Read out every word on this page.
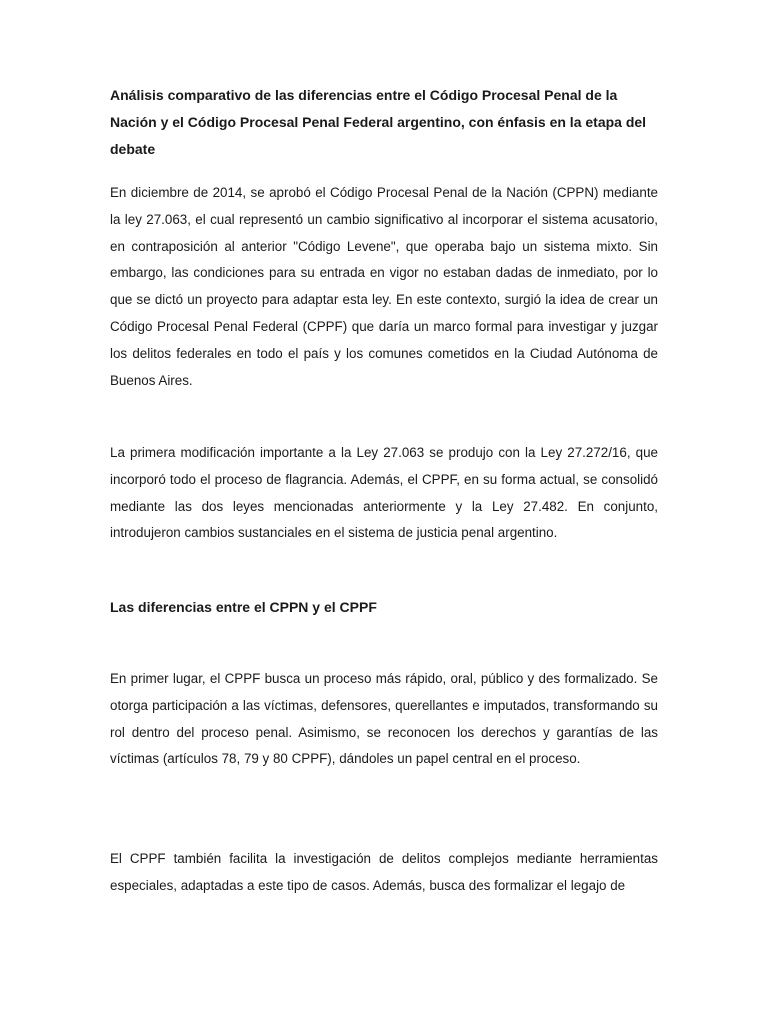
Análisis comparativo de las diferencias entre el Código Procesal Penal de la Nación y el Código Procesal Penal Federal argentino, con énfasis en la etapa del debate

En diciembre de 2014, se aprobó el Código Procesal Penal de la Nación (CPPN) mediante la ley 27.063, el cual representó un cambio significativo al incorporar el sistema acusatorio, en contraposición al anterior "Código Levene", que operaba bajo un sistema mixto. Sin embargo, las condiciones para su entrada en vigor no estaban dadas de inmediato, por lo que se dictó un proyecto para adaptar esta ley. En este contexto, surgió la idea de crear un Código Procesal Penal Federal (CPPF) que daría un marco formal para investigar y juzgar los delitos federales en todo el país y los comunes cometidos en la Ciudad Autónoma de Buenos Aires.

La primera modificación importante a la Ley 27.063 se produjo con la Ley 27.272/16, que incorporó todo el proceso de flagrancia. Además, el CPPF, en su forma actual, se consolidó mediante las dos leyes mencionadas anteriormente y la Ley 27.482. En conjunto, introdujeron cambios sustanciales en el sistema de justicia penal argentino.

Las diferencias entre el CPPN y el CPPF

En primer lugar, el CPPF busca un proceso más rápido, oral, público y des formalizado. Se otorga participación a las víctimas, defensores, querellantes e imputados, transformando su rol dentro del proceso penal. Asimismo, se reconocen los derechos y garantías de las víctimas (artículos 78, 79 y 80 CPPF), dándoles un papel central en el proceso.

El CPPF también facilita la investigación de delitos complejos mediante herramientas especiales, adaptadas a este tipo de casos. Además, busca des formalizar el legajo de
